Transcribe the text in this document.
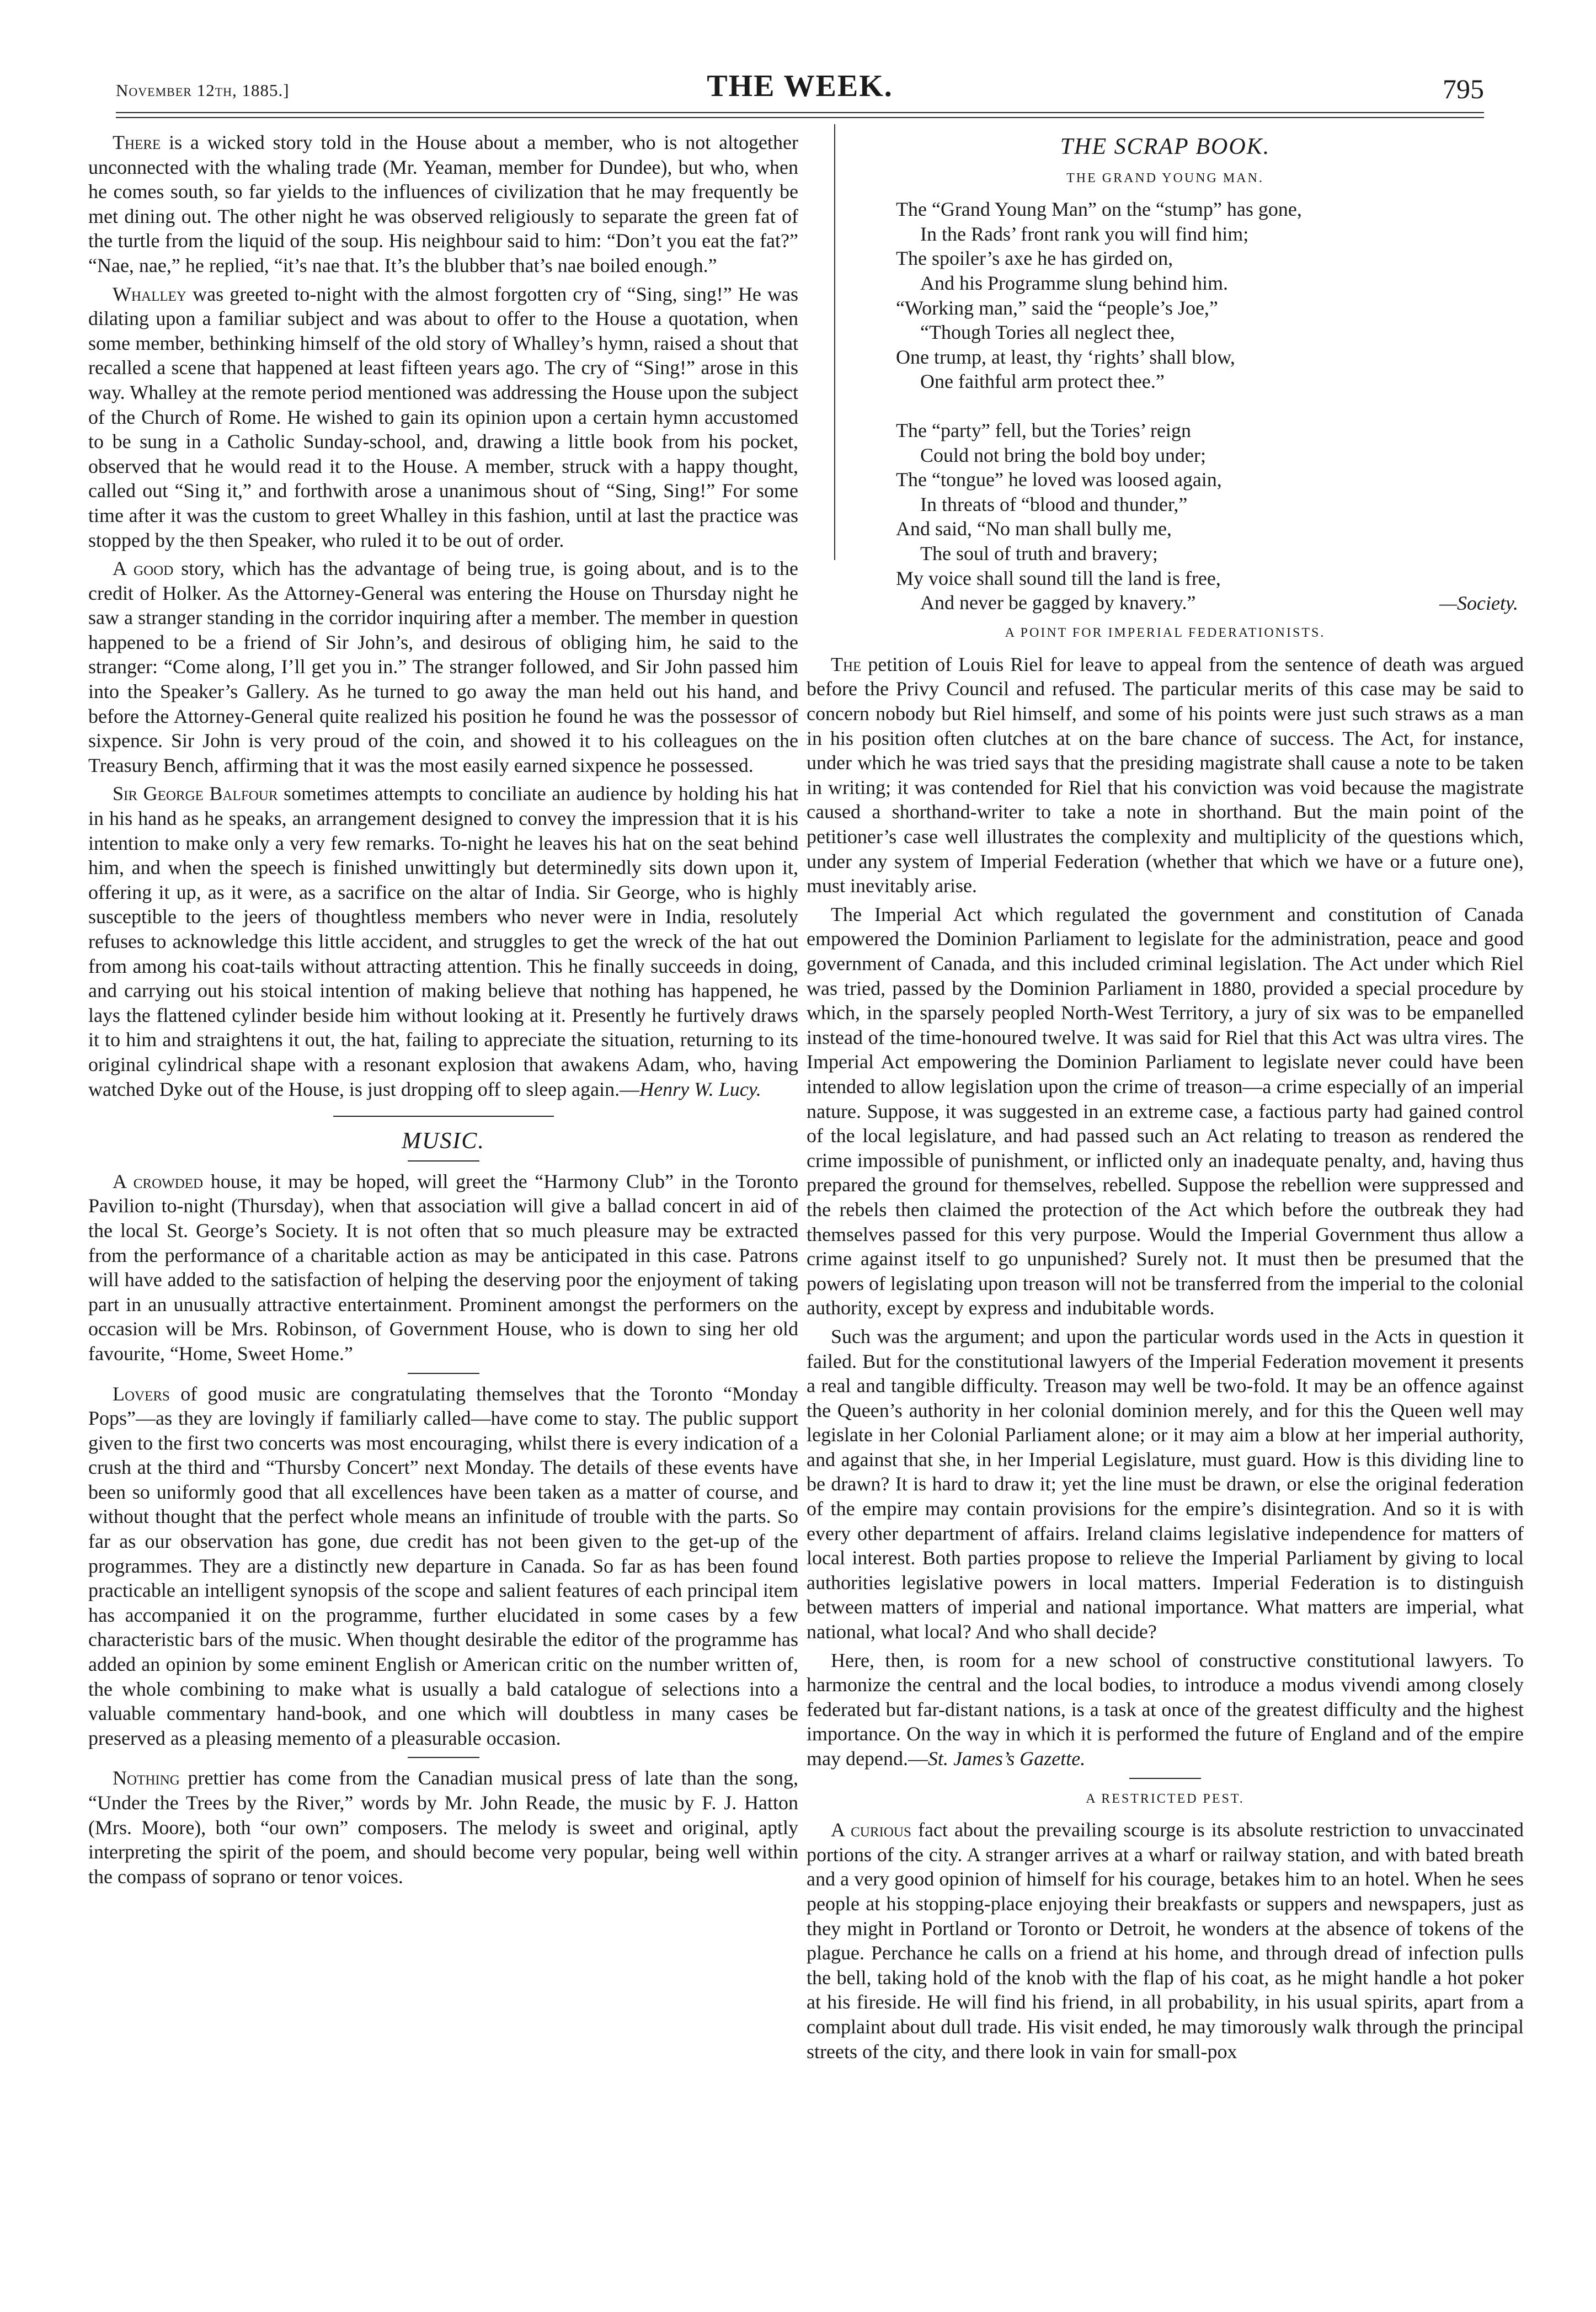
November 12th, 1885.]	THE WEEK.	795

There is a wicked story told in the House about a member, who is not altogether unconnected with the whaling trade (Mr. Yeaman, member for Dundee), but who, when he comes south, so far yields to the influences of civilization that he may frequently be met dining out. The other night he was observed religiously to separate the green fat of the turtle from the liquid of the soup. His neighbour said to him: “Don’t you eat the fat?” “Nae, nae,” he replied, “it’s nae that. It’s the blubber that’s nae boiled enough.”

Whalley was greeted to-night with the almost forgotten cry of “Sing, sing!” He was dilating upon a familiar subject and was about to offer to the House a quotation, when some member, bethinking himself of the old story of Whalley’s hymn, raised a shout that recalled a scene that happened at least fifteen years ago. The cry of “Sing!” arose in this way. Whalley at the remote period mentioned was addressing the House upon the subject of the Church of Rome. He wished to gain its opinion upon a certain hymn accustomed to be sung in a Catholic Sunday-school, and, drawing a little book from his pocket, observed that he would read it to the House. A member, struck with a happy thought, called out “Sing it,” and forthwith arose a unanimous shout of “Sing, Sing!” For some time after it was the custom to greet Whalley in this fashion, until at last the practice was stopped by the then Speaker, who ruled it to be out of order.

A good story, which has the advantage of being true, is going about, and is to the credit of Holker. As the Attorney-General was entering the House on Thursday night he saw a stranger standing in the corridor inquiring after a member. The member in question happened to be a friend of Sir John’s, and desirous of obliging him, he said to the stranger: “Come along, I’ll get you in.” The stranger followed, and Sir John passed him into the Speaker’s Gallery. As he turned to go away the man held out his hand, and before the Attorney-General quite realized his position he found he was the possessor of sixpence. Sir John is very proud of the coin, and showed it to his colleagues on the Treasury Bench, affirming that it was the most easily earned sixpence he possessed.

Sir George Balfour sometimes attempts to conciliate an audience by holding his hat in his hand as he speaks, an arrangement designed to convey the impression that it is his intention to make only a very few remarks. To-night he leaves his hat on the seat behind him, and when the speech is finished unwittingly but determinedly sits down upon it, offering it up, as it were, as a sacrifice on the altar of India. Sir George, who is highly susceptible to the jeers of thoughtless members who never were in India, resolutely refuses to acknowledge this little accident, and struggles to get the wreck of the hat out from among his coat-tails without attracting attention. This he finally succeeds in doing, and carrying out his stoical intention of making believe that nothing has happened, he lays the flattened cylinder beside him without looking at it. Presently he furtively draws it to him and straightens it out, the hat, failing to appreciate the situation, returning to its original cylindrical shape with a resonant explosion that awakens Adam, who, having watched Dyke out of the House, is just dropping off to sleep again.—Henry W. Lucy.

MUSIC.

A crowded house, it may be hoped, will greet the “Harmony Club” in the Toronto Pavilion to-night (Thursday), when that association will give a ballad concert in aid of the local St. George’s Society. It is not often that so much pleasure may be extracted from the performance of a charitable action as may be anticipated in this case. Patrons will have added to the satisfaction of helping the deserving poor the enjoyment of taking part in an unusually attractive entertainment. Prominent amongst the performers on the occasion will be Mrs. Robinson, of Government House, who is down to sing her old favourite, “Home, Sweet Home.”

Lovers of good music are congratulating themselves that the Toronto “Monday Pops”—as they are lovingly if familiarly called—have come to stay. The public support given to the first two concerts was most encouraging, whilst there is every indication of a crush at the third and “Thursby Concert” next Monday. The details of these events have been so uniformly good that all excellences have been taken as a matter of course, and without thought that the perfect whole means an infinitude of trouble with the parts. So far as our observation has gone, due credit has not been given to the get-up of the programmes. They are a distinctly new departure in Canada. So far as has been found practicable an intelligent synopsis of the scope and salient features of each principal item has accompanied it on the programme, further elucidated in some cases by a few characteristic bars of the music. When thought desirable the editor of the programme has added an opinion by some eminent English or American critic on the number written of, the whole combining to make what is usually a bald catalogue of selections into a valuable commentary hand-book, and one which will doubtless in many cases be preserved as a pleasing memento of a pleasurable occasion.

Nothing prettier has come from the Canadian musical press of late than the song, “Under the Trees by the River,” words by Mr. John Reade, the music by F. J. Hatton (Mrs. Moore), both “our own” composers. The melody is sweet and original, aptly interpreting the spirit of the poem, and should become very popular, being well within the compass of soprano or tenor voices.

THE SCRAP BOOK.
THE GRAND YOUNG MAN.
The “Grand Young Man” on the “stump” has gone,
In the Rads’ front rank you will find him;
The spoiler’s axe he has girded on,
And his Programme slung behind him.
“Working man,” said the “people’s Joe,”
“Though Tories all neglect thee,
One trump, at least, thy ‘rights’ shall blow,
One faithful arm protect thee.”
The “party” fell, but the Tories’ reign
Could not bring the bold boy under;
The “tongue” he loved was loosed again,
In threats of “blood and thunder,”
And said, “No man shall bully me,
The soul of truth and bravery;
My voice shall sound till the land is free,
And never be gagged by knavery.”	—Society.
A POINT FOR IMPERIAL FEDERATIONISTS.

The petition of Louis Riel for leave to appeal from the sentence of death was argued before the Privy Council and refused. The particular merits of this case may be said to concern nobody but Riel himself, and some of his points were just such straws as a man in his position often clutches at on the bare chance of success. The Act, for instance, under which he was tried says that the presiding magistrate shall cause a note to be taken in writing; it was contended for Riel that his conviction was void because the magistrate caused a shorthand-writer to take a note in shorthand. But the main point of the petitioner’s case well illustrates the complexity and multiplicity of the questions which, under any system of Imperial Federation (whether that which we have or a future one), must inevitably arise.

The Imperial Act which regulated the government and constitution of Canada empowered the Dominion Parliament to legislate for the administration, peace and good government of Canada, and this included criminal legislation. The Act under which Riel was tried, passed by the Dominion Parliament in 1880, provided a special procedure by which, in the sparsely peopled North-West Territory, a jury of six was to be empanelled instead of the time-honoured twelve. It was said for Riel that this Act was ultra vires. The Imperial Act empowering the Dominion Parliament to legislate never could have been intended to allow legislation upon the crime of treason—a crime especially of an imperial nature. Suppose, it was suggested in an extreme case, a factious party had gained control of the local legislature, and had passed such an Act relating to treason as rendered the crime impossible of punishment, or inflicted only an inadequate penalty, and, having thus prepared the ground for themselves, rebelled. Suppose the rebellion were suppressed and the rebels then claimed the protection of the Act which before the outbreak they had themselves passed for this very purpose. Would the Imperial Government thus allow a crime against itself to go unpunished? Surely not. It must then be presumed that the powers of legislating upon treason will not be transferred from the imperial to the colonial authority, except by express and indubitable words.

Such was the argument; and upon the particular words used in the Acts in question it failed. But for the constitutional lawyers of the Imperial Federation movement it presents a real and tangible difficulty. Treason may well be two-fold. It may be an offence against the Queen’s authority in her colonial dominion merely, and for this the Queen well may legislate in her Colonial Parliament alone; or it may aim a blow at her imperial authority, and against that she, in her Imperial Legislature, must guard. How is this dividing line to be drawn? It is hard to draw it; yet the line must be drawn, or else the original federation of the empire may contain provisions for the empire’s disintegration. And so it is with every other department of affairs. Ireland claims legislative independence for matters of local interest. Both parties propose to relieve the Imperial Parliament by giving to local authorities legislative powers in local matters. Imperial Federation is to distinguish between matters of imperial and national importance. What matters are imperial, what national, what local? And who shall decide?

Here, then, is room for a new school of constructive constitutional lawyers. To harmonize the central and the local bodies, to introduce a modus vivendi among closely federated but far-distant nations, is a task at once of the greatest difficulty and the highest importance. On the way in which it is performed the future of England and of the empire may depend.—St. James’s Gazette.

A RESTRICTED PEST.

A curious fact about the prevailing scourge is its absolute restriction to unvaccinated portions of the city. A stranger arrives at a wharf or railway station, and with bated breath and a very good opinion of himself for his courage, betakes him to an hotel. When he sees people at his stopping-place enjoying their breakfasts or suppers and newspapers, just as they might in Portland or Toronto or Detroit, he wonders at the absence of tokens of the plague. Perchance he calls on a friend at his home, and through dread of infection pulls the bell, taking hold of the knob with the flap of his coat, as he might handle a hot poker at his fireside. He will find his friend, in all probability, in his usual spirits, apart from a complaint about dull trade. His visit ended, he may timorously walk through the principal streets of the city, and there look in vain for small-pox
